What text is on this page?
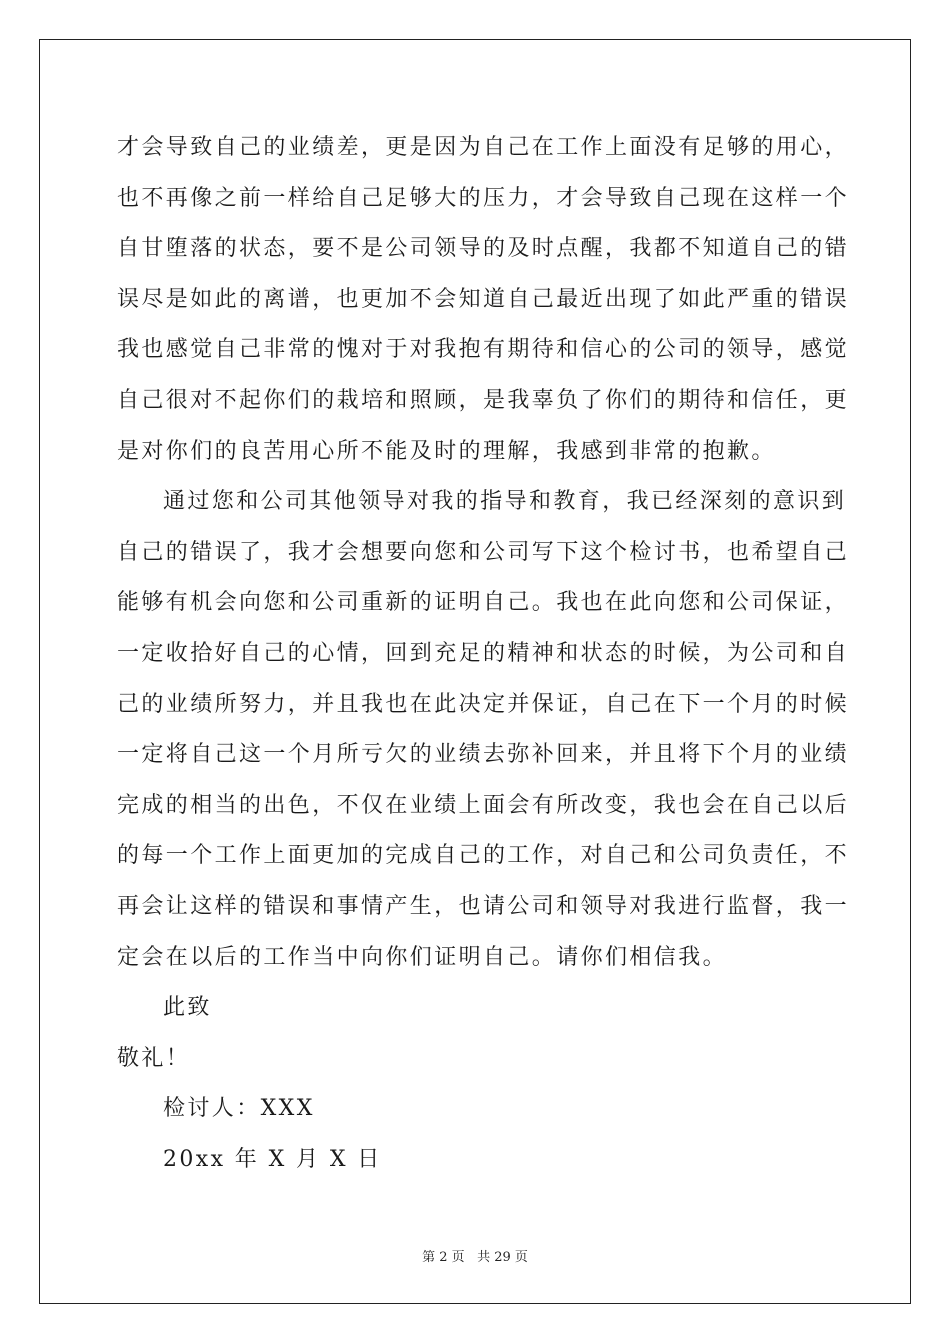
才会导致自己的业绩差，更是因为自己在工作上面没有足够的用心，
也不再像之前一样给自己足够大的压力，才会导致自己现在这样一个
自甘堕落的状态，要不是公司领导的及时点醒，我都不知道自己的错
误尽是如此的离谱，也更加不会知道自己最近出现了如此严重的错误
我也感觉自己非常的愧对于对我抱有期待和信心的公司的领导，感觉
自己很对不起你们的栽培和照顾，是我辜负了你们的期待和信任，更
是对你们的良苦用心所不能及时的理解，我感到非常的抱歉。
通过您和公司其他领导对我的指导和教育，我已经深刻的意识到
自己的错误了，我才会想要向您和公司写下这个检讨书，也希望自己
能够有机会向您和公司重新的证明自己。我也在此向您和公司保证，
一定收拾好自己的心情，回到充足的精神和状态的时候，为公司和自
己的业绩所努力，并且我也在此决定并保证，自己在下一个月的时候
一定将自己这一个月所亏欠的业绩去弥补回来，并且将下个月的业绩
完成的相当的出色，不仅在业绩上面会有所改变，我也会在自己以后
的每一个工作上面更加的完成自己的工作，对自己和公司负责任，不
再会让这样的错误和事情产生，也请公司和领导对我进行监督，我一
定会在以后的工作当中向你们证明自己。请你们相信我。
此致
敬礼！
检讨人：XXX
20xx 年 X 月 X 日
第 2 页 共 29 页
